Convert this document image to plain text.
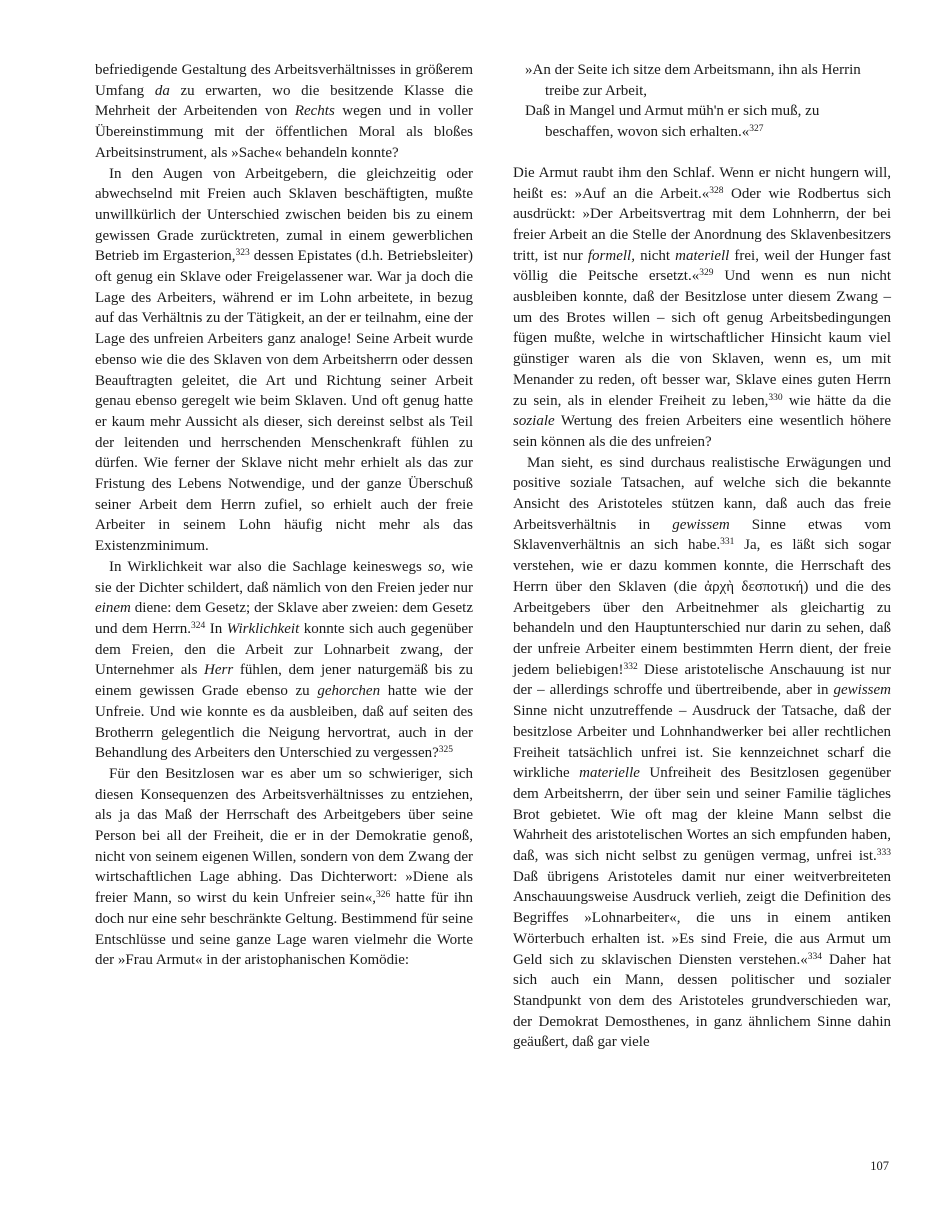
befriedigende Gestaltung des Arbeitsverhältnisses in größerem Umfang da zu erwarten, wo die besitzende Klasse die Mehrheit der Arbeitenden von Rechts wegen und in voller Übereinstimmung mit der öffentlichen Moral als bloßes Arbeitsinstrument, als »Sache« behandeln konnte?

In den Augen von Arbeitgebern, die gleichzeitig oder abwechselnd mit Freien auch Sklaven beschäftigten, mußte unwillkürlich der Unterschied zwischen beiden bis zu einem gewissen Grade zurücktreten, zumal in einem gewerblichen Betrieb im Ergasterion,$^{323}$ dessen Epistates (d.h. Betriebsleiter) oft genug ein Sklave oder Freigelassener war. War ja doch die Lage des Arbeiters, während er im Lohn arbeitete, in bezug auf das Verhältnis zu der Tätigkeit, an der er teilnahm, eine der Lage des unfreien Arbeiters ganz analoge! Seine Arbeit wurde ebenso wie die des Sklaven von dem Arbeitsherrn oder dessen Beauftragten geleitet, die Art und Richtung seiner Arbeit genau ebenso geregelt wie beim Sklaven. Und oft genug hatte er kaum mehr Aussicht als dieser, sich dereinst selbst als Teil der leitenden und herrschenden Menschenkraft fühlen zu dürfen. Wie ferner der Sklave nicht mehr erhielt als das zur Fristung des Lebens Notwendige, und der ganze Überschuß seiner Arbeit dem Herrn zufiel, so erhielt auch der freie Arbeiter in seinem Lohn häufig nicht mehr als das Existenzminimum.

In Wirklichkeit war also die Sachlage keineswegs so, wie sie der Dichter schildert, daß nämlich von den Freien jeder nur einem diene: dem Gesetz; der Sklave aber zweien: dem Gesetz und dem Herrn.$^{324}$ In Wirklichkeit konnte sich auch gegenüber dem Freien, den die Arbeit zur Lohnarbeit zwang, der Unternehmer als Herr fühlen, dem jener naturgemäß bis zu einem gewissen Grade ebenso zu gehorchen hatte wie der Unfreie. Und wie konnte es da ausbleiben, daß auf seiten des Brotherrn gelegentlich die Neigung hervortrat, auch in der Behandlung des Arbeiters den Unterschied zu vergessen?$^{325}$

Für den Besitzlosen war es aber um so schwieriger, sich diesen Konsequenzen des Arbeitsverhältnisses zu entziehen, als ja das Maß der Herrschaft des Arbeitgebers über seine Person bei all der Freiheit, die er in der Demokratie genoß, nicht von seinem eigenen Willen, sondern von dem Zwang der wirtschaftlichen Lage abhing. Das Dichterwort: »Diene als freier Mann, so wirst du kein Unfreier sein«,$^{326}$ hatte für ihn doch nur eine sehr beschränkte Geltung. Bestimmend für seine Entschlüsse und seine ganze Lage waren vielmehr die Worte der »Frau Armut« in der aristophanischen Komödie:

»An der Seite ich sitze dem Arbeitsmann, ihn als Herrin treibe zur Arbeit,
Daß in Mangel und Armut müh'n er sich muß, zu beschaffen, wovon sich erhalten.«$^{327}$

Die Armut raubt ihm den Schlaf. Wenn er nicht hungern will, heißt es: »Auf an die Arbeit.«$^{328}$ Oder wie Rodbertus sich ausdrückt: »Der Arbeitsvertrag mit dem Lohnherrn, der bei freier Arbeit an die Stelle der Anordnung des Sklavenbesitzers tritt, ist nur formell, nicht materiell frei, weil der Hunger fast völlig die Peitsche ersetzt.«$^{329}$ Und wenn es nun nicht ausbleiben konnte, daß der Besitzlose unter diesem Zwang – um des Brotes willen – sich oft genug Arbeitsbedingungen fügen mußte, welche in wirtschaftlicher Hinsicht kaum viel günstiger waren als die von Sklaven, wenn es, um mit Menander zu reden, oft besser war, Sklave eines guten Herrn zu sein, als in elender Freiheit zu leben,$^{330}$ wie hätte da die soziale Wertung des freien Arbeiters eine wesentlich höhere sein können als die des unfreien?

Man sieht, es sind durchaus realistische Erwägungen und positive soziale Tatsachen, auf welche sich die bekannte Ansicht des Aristoteles stützen kann, daß auch das freie Arbeitsverhältnis in gewissem Sinne etwas vom Sklavenverhältnis an sich habe.$^{331}$ Ja, es läßt sich sogar verstehen, wie er dazu kommen konnte, die Herrschaft des Herrn über den Sklaven (die ἀρχὴ δεσποτική) und die des Arbeitgebers über den Arbeitnehmer als gleichartig zu behandeln und den Hauptunterschied nur darin zu sehen, daß der unfreie Arbeiter einem bestimmten Herrn dient, der freie jedem beliebigen!$^{332}$ Diese aristotelische Anschauung ist nur der – allerdings schroffe und übertreibende, aber in gewissem Sinne nicht unzutreffende – Ausdruck der Tatsache, daß der besitzlose Arbeiter und Lohnhandwerker bei aller rechtlichen Freiheit tatsächlich unfrei ist. Sie kennzeichnet scharf die wirkliche materielle Unfreiheit des Besitzlosen gegenüber dem Arbeitsherrn, der über sein und seiner Familie tägliches Brot gebietet. Wie oft mag der kleine Mann selbst die Wahrheit des aristotelischen Wortes an sich empfunden haben, daß, was sich nicht selbst zu genügen vermag, unfrei ist.$^{333}$ Daß übrigens Aristoteles damit nur einer weitverbreiteten Anschauungsweise Ausdruck verlieh, zeigt die Definition des Begriffes »Lohnarbeiter«, die uns in einem antiken Wörterbuch erhalten ist. »Es sind Freie, die aus Armut um Geld sich zu sklavischen Diensten verstehen.«$^{334}$ Daher hat sich auch ein Mann, dessen politischer und sozialer Standpunkt von dem des Aristoteles grundverschieden war, der Demokrat Demosthenes, in ganz ähnlichem Sinne dahin geäußert, daß gar viele

107
